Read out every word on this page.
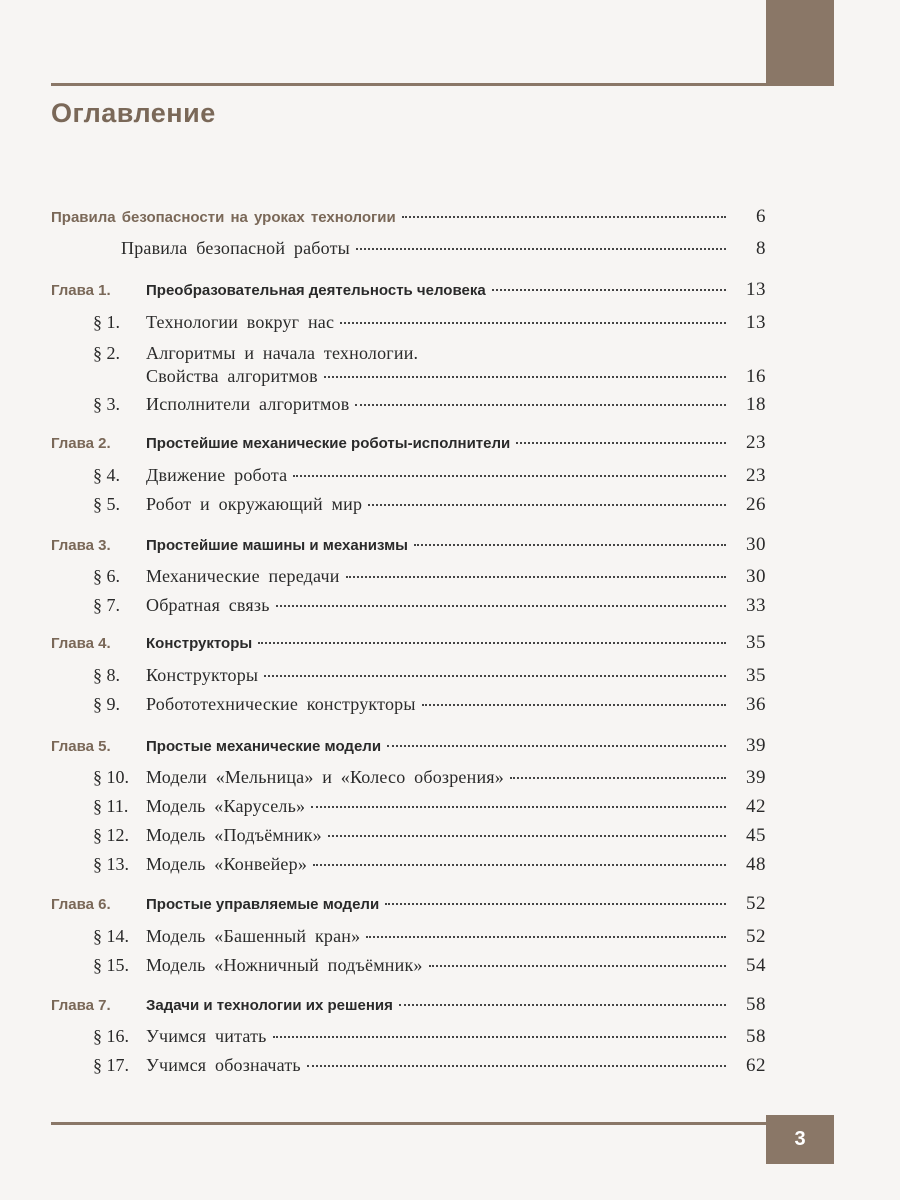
Оглавление
Правила безопасности на уроках технологии	6
Правила безопасной работы	8
Глава 1.	Преобразовательная деятельность человека	13
§ 1.	Технологии вокруг нас	13
§ 2.	Алгоритмы и начала технологии.
Свойства алгоритмов	16
§ 3.	Исполнители алгоритмов	18
Глава 2.	Простейшие механические роботы-исполнители	23
§ 4.	Движение робота	23
§ 5.	Робот и окружающий мир	26
Глава 3.	Простейшие машины и механизмы	30
§ 6.	Механические передачи	30
§ 7.	Обратная связь	33
Глава 4.	Конструкторы	35
§ 8.	Конструкторы	35
§ 9.	Робототехнические конструкторы	36
Глава 5.	Простые механические модели	39
§ 10. Модели «Мельница» и «Колесо обозрения»	39
§ 11. Модель «Карусель»	42
§ 12. Модель «Подъёмник»	45
§ 13. Модель «Конвейер»	48
Глава 6.	Простые управляемые модели	52
§ 14. Модель «Башенный кран»	52
§ 15. Модель «Ножничный подъёмник»	54
Глава 7.	Задачи и технологии их решения	58
§ 16. Учимся читать	58
§ 17. Учимся обозначать	62
3
